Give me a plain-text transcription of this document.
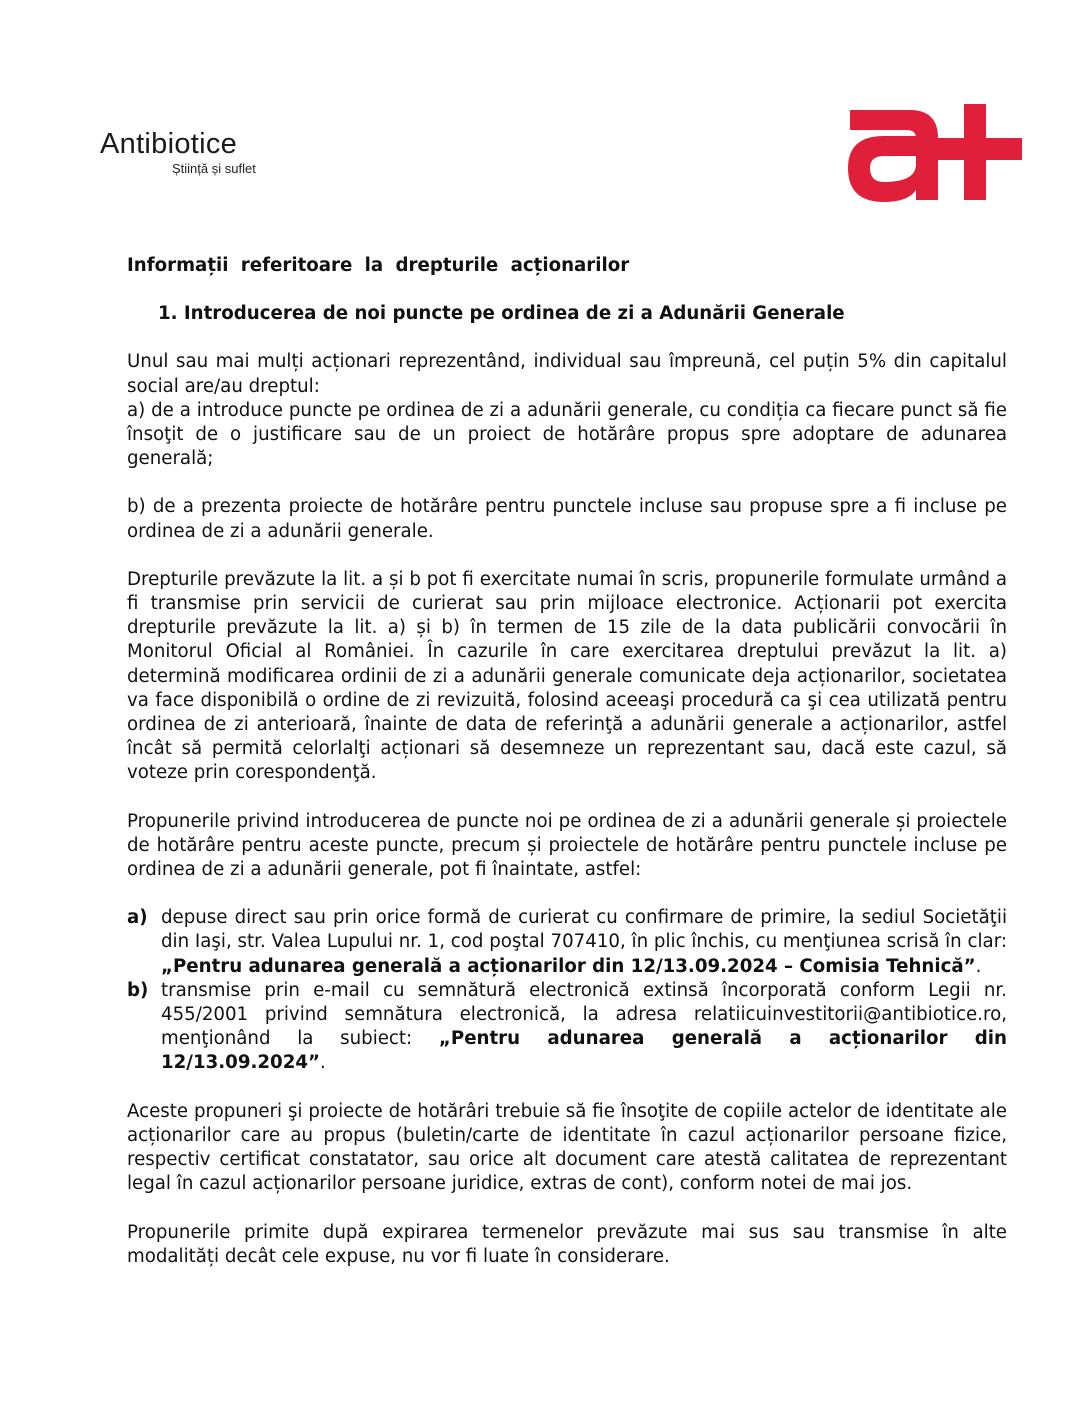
Antibiotice
Știință și suflet
Informații referitoare la drepturile acționarilor
1. Introducerea de noi puncte pe ordinea de zi a Adunării Generale

Unul sau mai mulți acționari reprezentând, individual sau împreună, cel puțin 5% din capitalul social are/au dreptul:

a) de a introduce puncte pe ordinea de zi a adunării generale, cu condiția ca fiecare punct să fie însoţit de o justificare sau de un proiect de hotărâre propus spre adoptare de adunarea generală;

b) de a prezenta proiecte de hotărâre pentru punctele incluse sau propuse spre a fi incluse pe ordinea de zi a adunării generale.

Drepturile prevăzute la lit. a și b pot fi exercitate numai în scris, propunerile formulate urmând a fi transmise prin servicii de curierat sau prin mijloace electronice. Acționarii pot exercita drepturile prevăzute la lit. a) și b) în termen de 15 zile de la data publicării convocării în Monitorul Oficial al României. În cazurile în care exercitarea dreptului prevăzut la lit. a) determină modificarea ordinii de zi a adunării generale comunicate deja acționarilor, societatea va face disponibilă o ordine de zi revizuită, folosind aceeaşi procedură ca şi cea utilizată pentru ordinea de zi anterioară, înainte de data de referinţă a adunării generale a acționarilor, astfel încât să permită celorlalţi acționari să desemneze un reprezentant sau, dacă este cazul, să voteze prin corespondenţă.

Propunerile privind introducerea de puncte noi pe ordinea de zi a adunării generale și proiectele de hotărâre pentru aceste puncte, precum și proiectele de hotărâre pentru punctele incluse pe ordinea de zi a adunării generale, pot fi înaintate, astfel:

a) depuse direct sau prin orice formă de curierat cu confirmare de primire, la sediul Societăţii din Iaşi, str. Valea Lupului nr. 1, cod poştal 707410, în plic închis, cu menţiunea scrisă în clar: „Pentru adunarea generală a acționarilor din 12/13.09.2024 – Comisia Tehnică”.
b) transmise prin e-mail cu semnătură electronică extinsă încorporată conform Legii nr. 455/2001 privind semnătura electronică, la adresa relatiicuinvestitorii@antibiotice.ro, menţionând la subiect: „Pentru adunarea generală a acționarilor din 12/13.09.2024”.

Aceste propuneri şi proiecte de hotărâri trebuie să fie însoţite de copiile actelor de identitate ale acționarilor care au propus (buletin/carte de identitate în cazul acționarilor persoane fizice, respectiv certificat constatator, sau orice alt document care atestă calitatea de reprezentant legal în cazul acționarilor persoane juridice, extras de cont), conform notei de mai jos.

Propunerile primite după expirarea termenelor prevăzute mai sus sau transmise în alte modalități decât cele expuse, nu vor fi luate în considerare.
